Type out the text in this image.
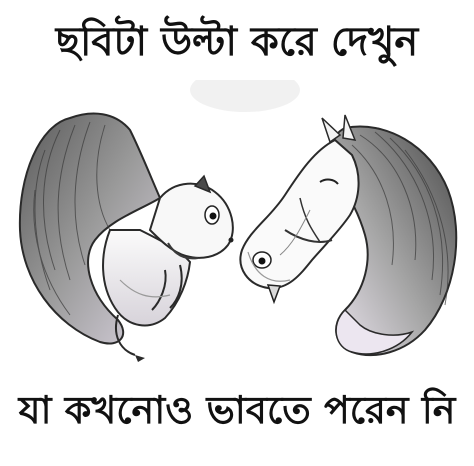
ছবিটা উল্টা করে দেখুন
যা কখনোও ভাবতে পরেন নি
